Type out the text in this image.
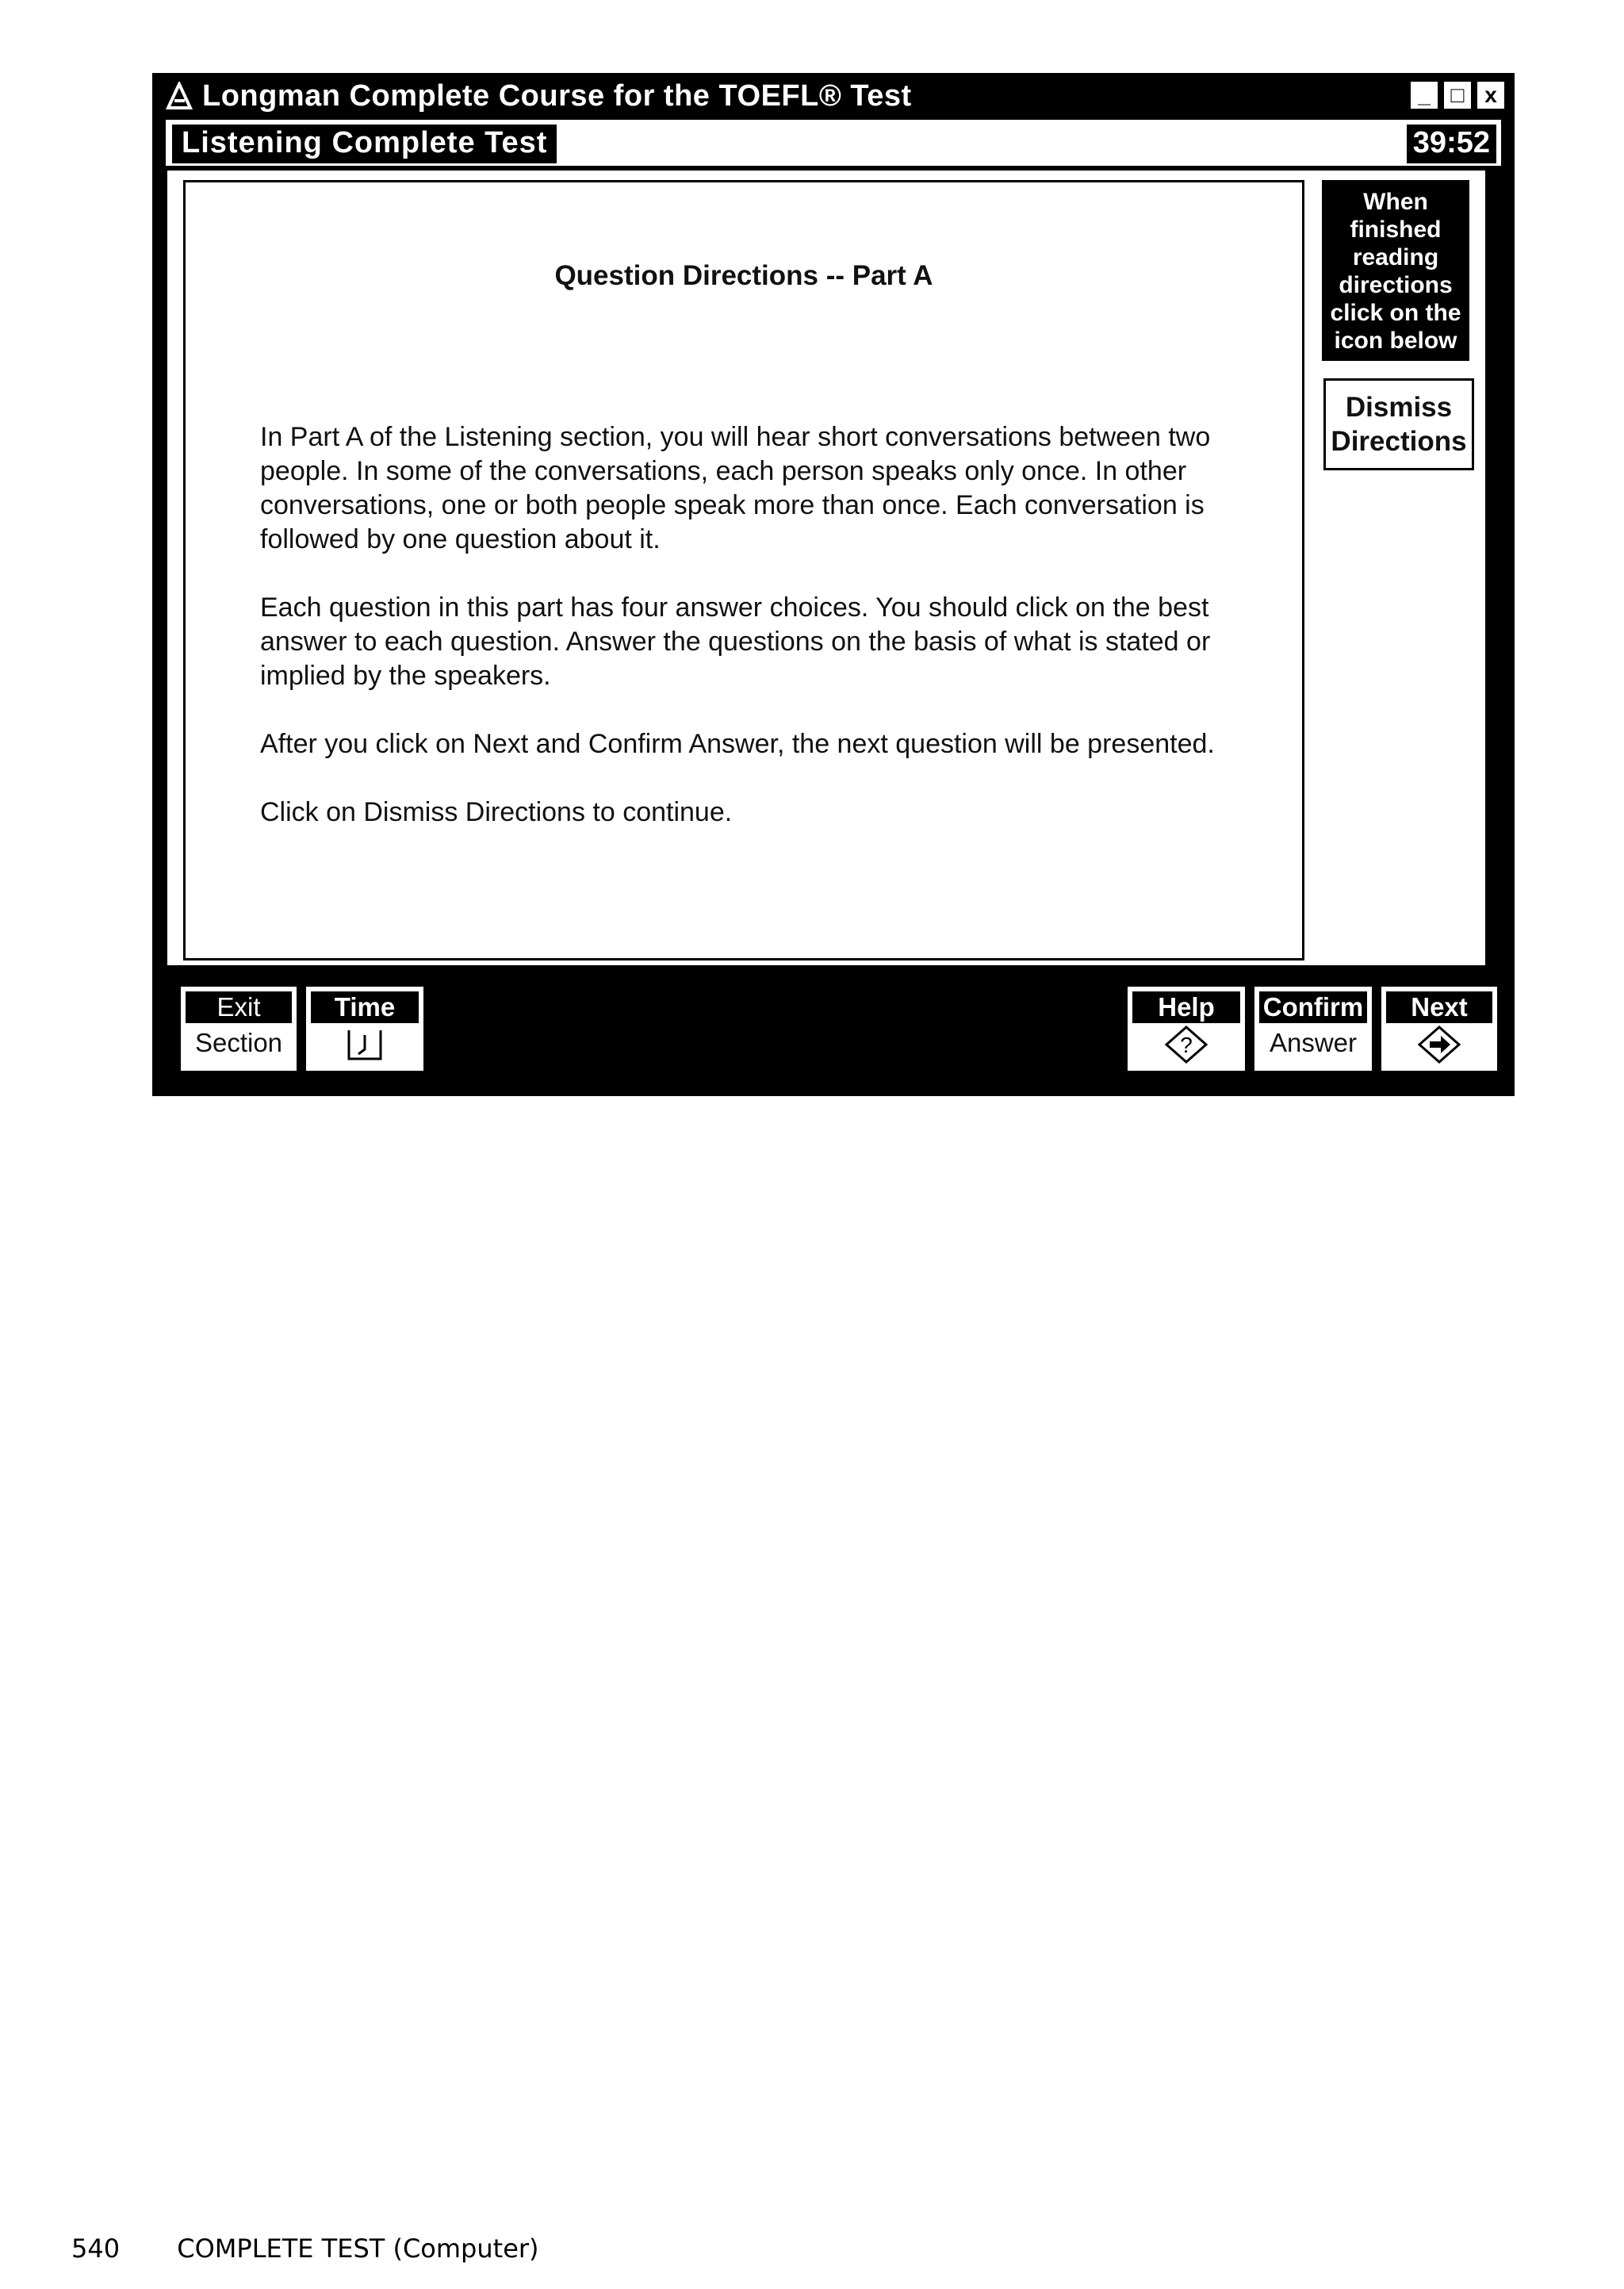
Longman Complete Course for the TOEFL® Test	_ □ x
Listening Complete Test	39:52
Question Directions -- Part A

In Part A of the Listening section, you will hear short conversations between two people. In some of the conversations, each person speaks only once. In other conversations, one or both people speak more than once. Each conversation is followed by one question about it.

Each question in this part has four answer choices. You should click on the best answer to each question. Answer the questions on the basis of what is stated or implied by the speakers.

After you click on Next and Confirm Answer, the next question will be presented.

Click on Dismiss Directions to continue.

When finished reading directions click on the icon below
Dismiss Directions
Exit
Section
Time	Help
?
Confirm
Answer
Next
540 COMPLETE TEST (Computer)
